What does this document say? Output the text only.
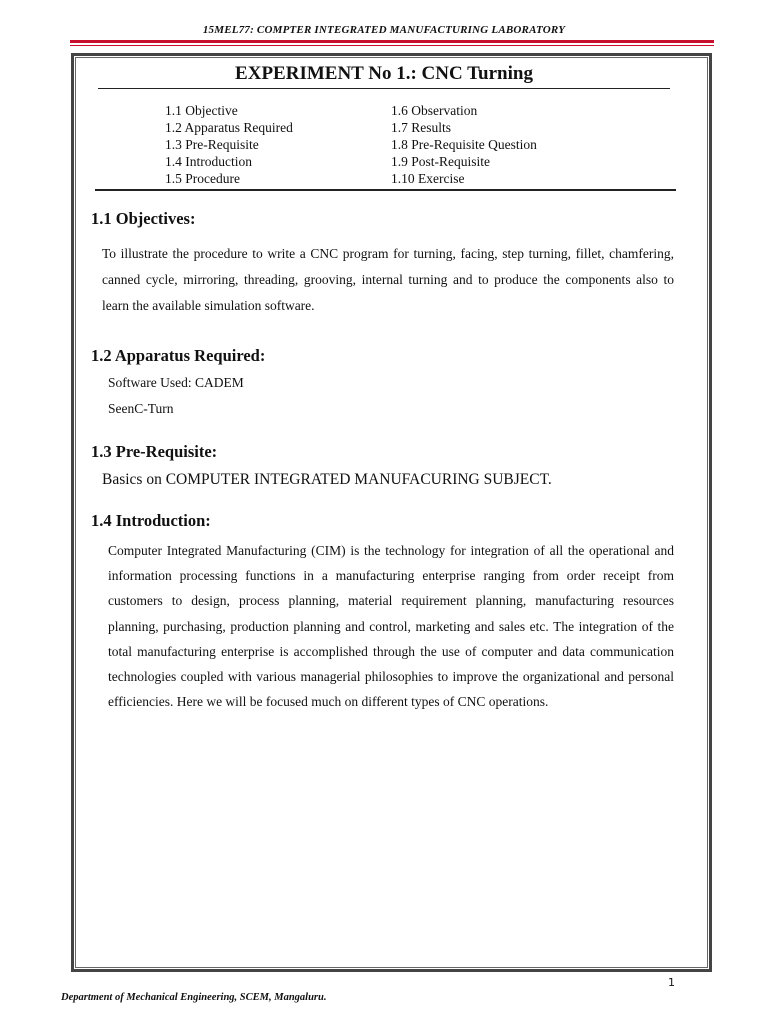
15MEL77: COMPTER INTEGRATED MANUFACTURING LABORATORY
EXPERIMENT No 1.: CNC Turning
1.1 Objective
1.2 Apparatus Required
1.3 Pre-Requisite
1.4 Introduction
1.5 Procedure
1.6 Observation
1.7 Results
1.8 Pre-Requisite Question
1.9 Post-Requisite
1.10 Exercise
1.1 Objectives:
To illustrate the procedure to write a CNC program for turning, facing, step turning, fillet, chamfering, canned cycle, mirroring, threading, grooving, internal turning and to produce the components also to learn the available simulation software.
1.2 Apparatus Required:
Software Used: CADEM
SeenC-Turn
1.3 Pre-Requisite:
Basics on COMPUTER INTEGRATED MANUFACURING SUBJECT.
1.4 Introduction:
Computer Integrated Manufacturing (CIM) is the technology for integration of all the operational and information processing functions in a manufacturing enterprise ranging from order receipt from customers to design, process planning, material requirement planning, manufacturing resources planning, purchasing, production planning and control, marketing and sales etc. The integration of the total manufacturing enterprise is accomplished through the use of computer and data communication technologies coupled with various managerial philosophies to improve the organizational and personal efficiencies. Here we will be focused much on different types of CNC operations.
1
Department of Mechanical Engineering, SCEM, Mangaluru.
